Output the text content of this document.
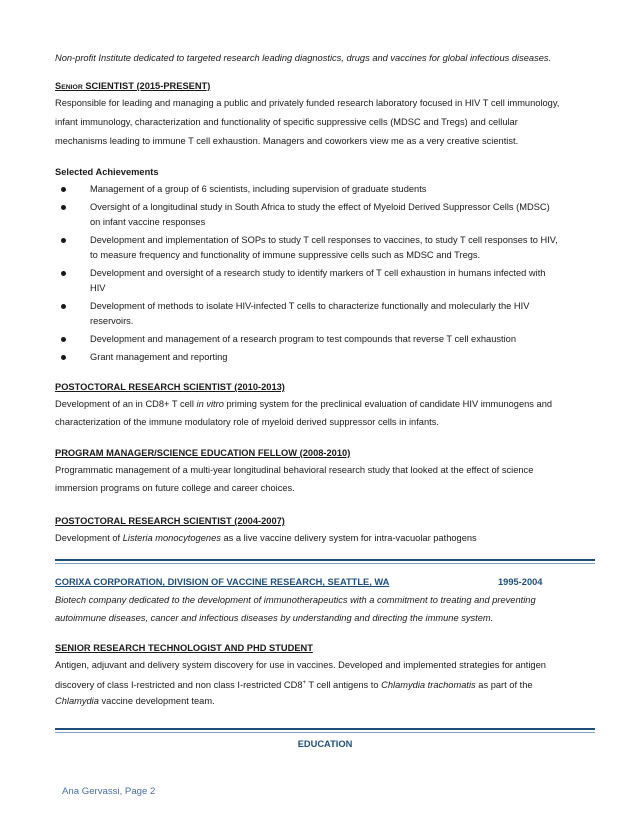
Non-profit Institute dedicated to targeted research leading diagnostics, drugs and vaccines for global infectious diseases.
SENIOR SCIENTIST (2015-PRESENT)
Responsible for leading and managing a public and privately funded research laboratory focused in HIV T cell immunology,
infant immunology, characterization and functionality of specific suppressive cells (MDSC and Tregs) and cellular
mechanisms leading to immune T cell exhaustion. Managers and coworkers view me as a very creative scientist.
Selected Achievements
Management of a group of 6 scientists, including supervision of graduate students
Oversight of a longitudinal study in South Africa to study the effect of Myeloid Derived Suppressor Cells (MDSC)
on infant vaccine responses
Development and implementation of SOPs to study T cell responses to vaccines, to study T cell responses to HIV,
to measure frequency and functionality of immune suppressive cells such as MDSC and Tregs.
Development and oversight of a research study to identify markers of T cell exhaustion in humans infected with
HIV
Development of methods to isolate HIV-infected T cells to characterize functionally and molecularly the HIV
reservoirs.
Development and management of a research program to test compounds that reverse T cell exhaustion
Grant management and reporting
POSTOCTORAL RESEARCH SCIENTIST (2010-2013)
Development of an in CD8+ T cell in vitro priming system for the preclinical evaluation of candidate HIV immunogens and
characterization of the immune modulatory role of myeloid derived suppressor cells in infants.
PROGRAM MANAGER/SCIENCE EDUCATION FELLOW (2008-2010)
Programmatic management of a multi-year longitudinal behavioral research study that looked at the effect of science
immersion programs on future college and career choices.
POSTOCTORAL RESEARCH SCIENTIST (2004-2007)
Development of Listeria monocytogenes as a live vaccine delivery system for intra-vacuolar pathogens
CORIXA CORPORATION, DIVISION OF VACCINE RESEARCH, SEATTLE, WA	1995-2004
Biotech company dedicated to the development of immunotherapeutics with a commitment to treating and preventing
autoimmune diseases, cancer and infectious diseases by understanding and directing the immune system.
SENIOR RESEARCH TECHNOLOGIST AND PHD STUDENT
Antigen, adjuvant and delivery system discovery for use in vaccines. Developed and implemented strategies for antigen
discovery of class I-restricted and non class I-restricted CD8+ T cell antigens to Chlamydia trachomatis as part of the
Chlamydia vaccine development team.
EDUCATION
Ana Gervassi, Page 2
